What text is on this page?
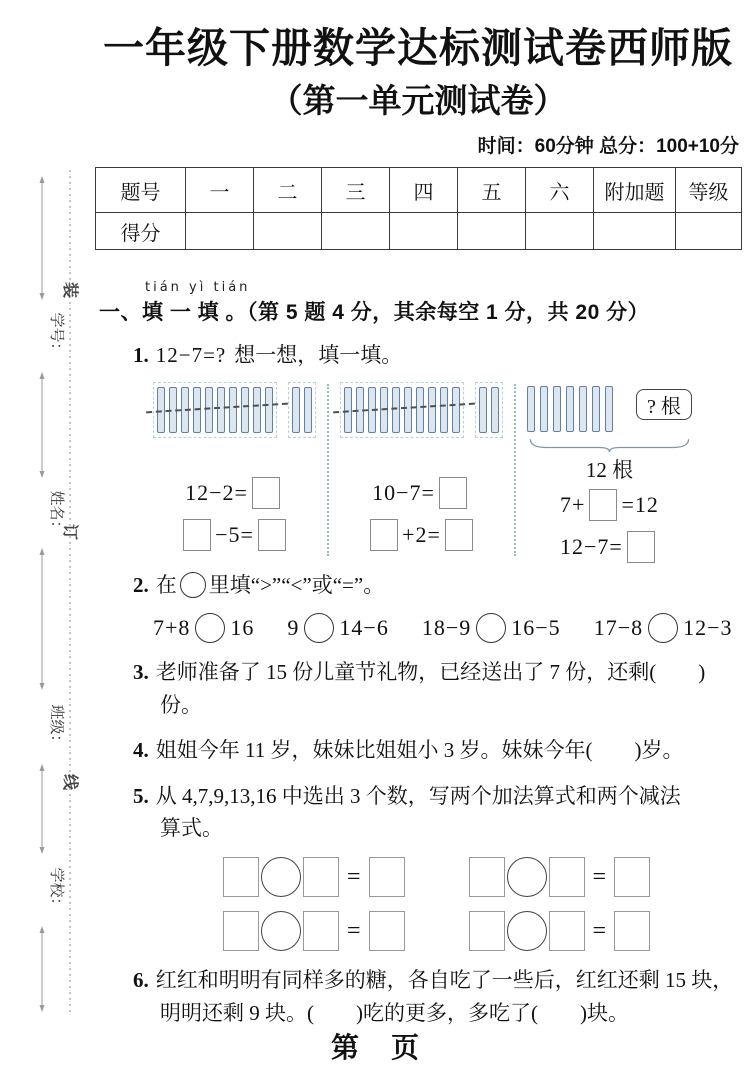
学号：
姓名：
班级：
学校：
装
订
线
一年级下册数学达标测试卷西师版
（第一单元测试卷）
时间：60分钟 总分：100+10分
题号	一	二	三	四	五	六	附加题	等级
得分								
tián yì tián
一、填 一 填 。（第 5 题 4 分，其余每空 1 分，共 20 分）
1. 12−7=? 想一想，填一填。
12−2=
−5=
10−7=
+2=
? 根
12 根
7+ =12
12−7=
2. 在 里填“>”“<”或“=”。
7+8 16 9 14−6 18−9 16−5 17−8 12−3
3. 老师准备了 15 份儿童节礼物，已经送出了 7 份，还剩(        )份。
4. 姐姐今年 11 岁，妹妹比姐姐小 3 岁。妹妹今年(        )岁。
5. 从 4,7,9,13,16 中选出 3 个数，写两个加法算式和两个减法
算式。
=	=
=	=
6. 红红和明明有同样多的糖，各自吃了一些后，红红还剩 15 块，
明明还剩 9 块。(        )吃的更多，多吃了(        )块。
第　页
